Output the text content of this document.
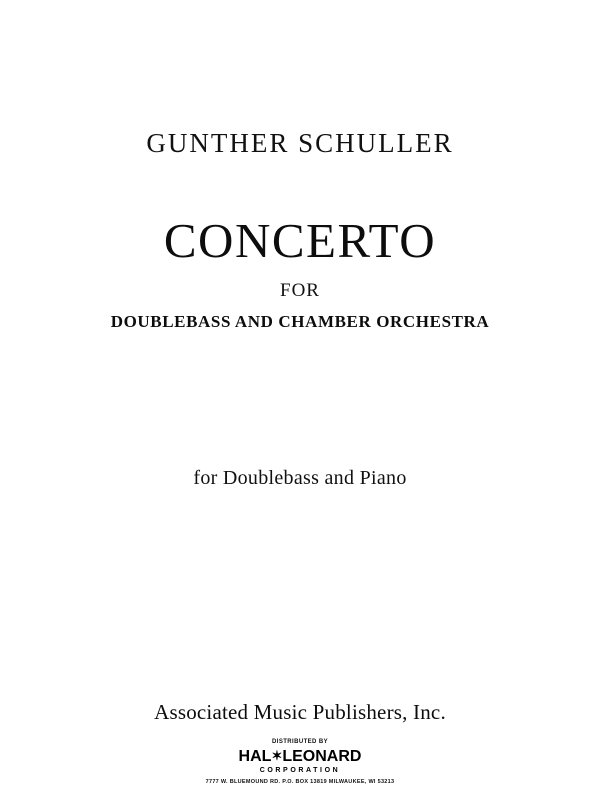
GUNTHER SCHULLER
CONCERTO
FOR
DOUBLEBASS AND CHAMBER ORCHESTRA
for Doublebass and Piano
Associated Music Publishers, Inc.
DISTRIBUTED BY
HAL✶LEONARD
CORPORATION
7777 W. BLUEMOUND RD. P.O. BOX 13819 MILWAUKEE, WI 53213
